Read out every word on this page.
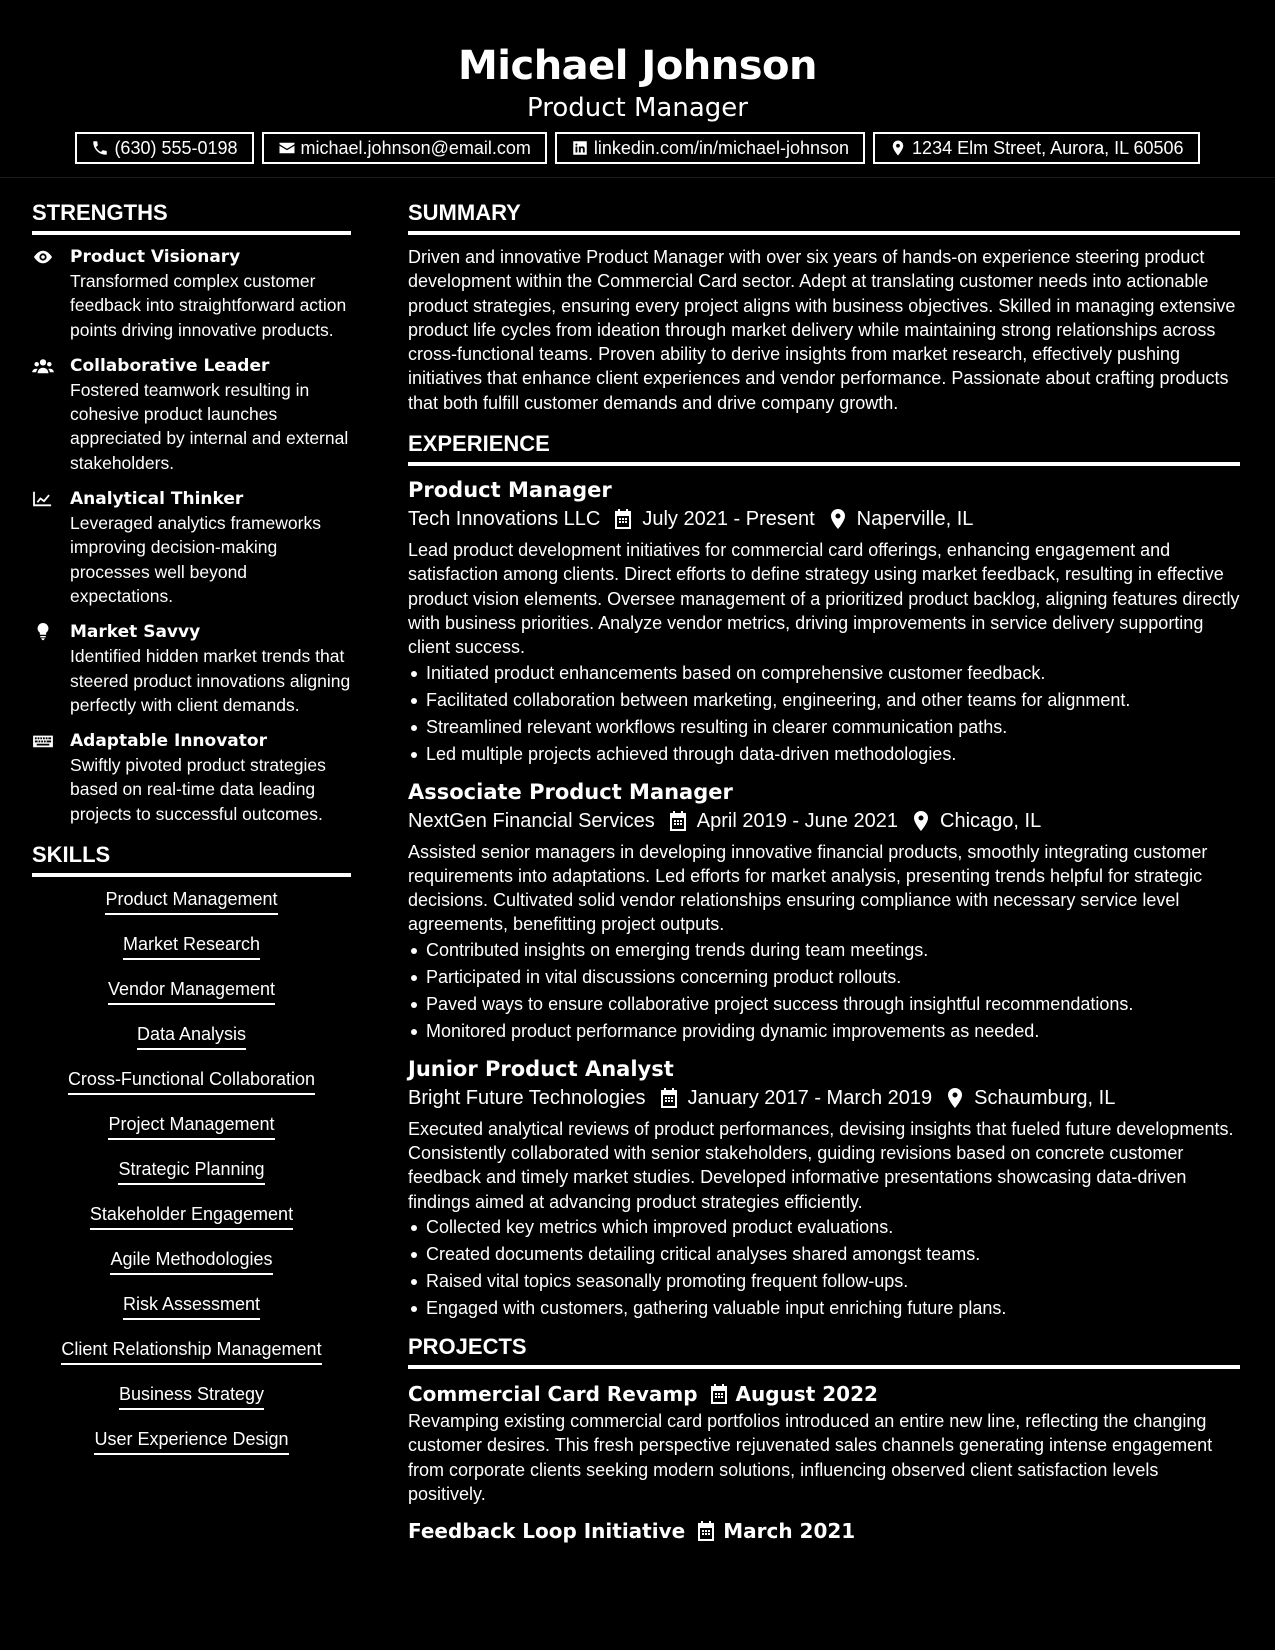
Michael Johnson
Product Manager
(630) 555-0198	michael.johnson@email.com	linkedin.com/in/michael-johnson	1234 Elm Street, Aurora, IL 60506
STRENGTHS
Product Visionary
Transformed complex customer feedback into straightforward action points driving innovative products.
Collaborative Leader
Fostered teamwork resulting in cohesive product launches appreciated by internal and external stakeholders.
Analytical Thinker
Leveraged analytics frameworks improving decision-making processes well beyond expectations.
Market Savvy
Identified hidden market trends that steered product innovations aligning perfectly with client demands.
Adaptable Innovator
Swiftly pivoted product strategies based on real-time data leading projects to successful outcomes.
SKILLS
Product Management
Market Research
Vendor Management
Data Analysis
Cross-Functional Collaboration
Project Management
Strategic Planning
Stakeholder Engagement
Agile Methodologies
Risk Assessment
Client Relationship Management
Business Strategy
User Experience Design
SUMMARY
Driven and innovative Product Manager with over six years of hands-on experience steering product development within the Commercial Card sector. Adept at translating customer needs into actionable product strategies, ensuring every project aligns with business objectives. Skilled in managing extensive product life cycles from ideation through market delivery while maintaining strong relationships across cross-functional teams. Proven ability to derive insights from market research, effectively pushing initiatives that enhance client experiences and vendor performance. Passionate about crafting products that both fulfill customer demands and drive company growth.
EXPERIENCE
Product Manager
Tech Innovations LLC July 2021 - Present Naperville, IL
Lead product development initiatives for commercial card offerings, enhancing engagement and satisfaction among clients. Direct efforts to define strategy using market feedback, resulting in effective product vision elements. Oversee management of a prioritized product backlog, aligning features directly with business priorities. Analyze vendor metrics, driving improvements in service delivery supporting client success.
Initiated product enhancements based on comprehensive customer feedback.
Facilitated collaboration between marketing, engineering, and other teams for alignment.
Streamlined relevant workflows resulting in clearer communication paths.
Led multiple projects achieved through data-driven methodologies.
Associate Product Manager
NextGen Financial Services April 2019 - June 2021 Chicago, IL
Assisted senior managers in developing innovative financial products, smoothly integrating customer requirements into adaptations. Led efforts for market analysis, presenting trends helpful for strategic decisions. Cultivated solid vendor relationships ensuring compliance with necessary service level agreements, benefitting project outputs.
Contributed insights on emerging trends during team meetings.
Participated in vital discussions concerning product rollouts.
Paved ways to ensure collaborative project success through insightful recommendations.
Monitored product performance providing dynamic improvements as needed.
Junior Product Analyst
Bright Future Technologies January 2017 - March 2019 Schaumburg, IL
Executed analytical reviews of product performances, devising insights that fueled future developments. Consistently collaborated with senior stakeholders, guiding revisions based on concrete customer feedback and timely market studies. Developed informative presentations showcasing data-driven findings aimed at advancing product strategies efficiently.
Collected key metrics which improved product evaluations.
Created documents detailing critical analyses shared amongst teams.
Raised vital topics seasonally promoting frequent follow-ups.
Engaged with customers, gathering valuable input enriching future plans.
PROJECTS
Commercial Card Revamp August 2022
Revamping existing commercial card portfolios introduced an entire new line, reflecting the changing customer desires. This fresh perspective rejuvenated sales channels generating intense engagement from corporate clients seeking modern solutions, influencing observed client satisfaction levels positively.
Feedback Loop Initiative March 2021
